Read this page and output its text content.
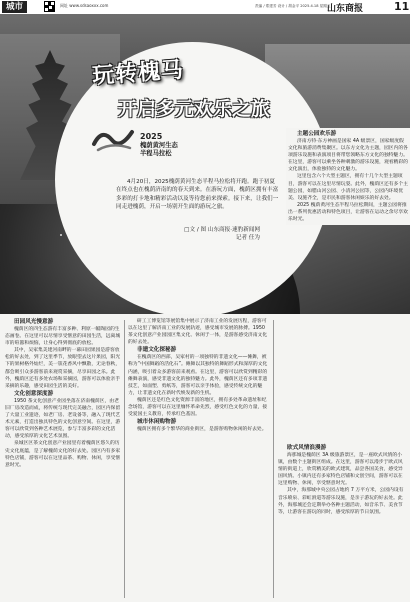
城市	网址 www.sdsaoxxx.com	责编 / 郑建芳 设计 / 胡金平 2025.4.18 星期五
山东商报	11
玩转槐马
开启多元欢乐之旅
2025
槐荫黄河生态
半程马拉松
4月20日，2025槐荫黄河生态半程马拉松将开跑。跑于初夏在终点也在槐荫济南的的春天到来。在游玩方面，槐荫区拥有丰富多彩的打卡地和精彩活动以及等待您前来探索。接下来，让我们一同走进槐荫，开启一场别开生面的游玩之旅。
□文 / 图 山东商报·速豹新闻网
记者 任为

田园风光慢意游

槐荫区的四生态游有丰富多种、利原一幅陶园的生态画卷。在这里可以尽情享受惬意的田园生活，远离城市的喧嚣和烦恼，让身心得到彻底的放松。

其中，吴家集美建河南畔的一幕田园果园是游客放松的好去处，到了这里季节，放眼望去这片果园，阳光下的果树格外灿烂，美一簇花香风中飘散，无论春秋，都会吸引众多游客前来观赏采摘，尽享田园之乐。此外，槐荫区还有多处农场和采摘园，游客可以体验亲手采摘的乐趣，感受田园生活的美好。

文化创意深度游

1950 茶文化创意产业园坐落在济南槐荫区，由老旧厂房改造而成，将传统与现代完美融合，园区内保留了大量工业遗迹，如老厂房、老设备等，融入了现代艺术元素，打造出独具特色的文化创意空间。在这里，游客可以欣赏到各种艺术展览，参与丰富多彩的文化活动，感受浓厚的文化艺术氛围。

泉城区区茶文化创意产业园里有着槐荫区悠久的历史文化底蕴，是了解槐荫文化的好去处。园区内有多家特色店铺，游客可以在这里品茶、购物、休闲，享受惬意时光。

研工工博览馆等展馆集中展示了济南工业的发展历程，游客可以在这里了解济南工业的发展轨迹，感受城市发展的脉搏。1950 茶文化创意产业园园区集文化、休闲于一体，是游客感受济南文化的好去处。

非遗文化探秘游

在槐荫区的西部，吴家村的一项独特的非遗文化——傩舞，被称为“中国舞蹈的活化石”。傩舞以其独特的舞蹈形式和深厚的文化内涵，吸引着众多游客前来观看。在这里，游客可以欣赏到精彩的傩舞表演，感受非遗文化的独特魅力。此外，槐荫区还有多项非遗技艺，如面塑、剪纸等，游客可以亲手体验，感受传统文化的魅力，让非遗文化在新时代焕发新的生机。

槐荫区还是红色文化资源丰富的地区，拥有多处革命遗址和纪念场馆，游客可以在这里缅怀革命先烈，感受红色文化的力量，接受爱国主义教育，传承红色基因。

城市休闲购物游

槐荫区拥有多个繁华的商业街区，是游客购物休闲的好去处。

主题公园欢乐游

济南方特·东方神画是国家 4A 级景区，国家级度假文化和旅游消费集聚区。以东方文化为主题，园区内的各项游乐设施和表演项目将带您领略东方文化的独特魅力。在这里，游客可以乘坐各种刺激的游乐设施，观看精彩的文化演出，体验独特的文化魅力。

这里包含六个大型主题区，拥有十几个大型主题项目，游客可以在这里尽情玩耍。此外，槐荫区还有多个主题公园，如腊山河公园、小清河公园等，公园内环境优美、设施齐全，是市民和游客休闲娱乐的好去处。

2025 槐荫黄河生态半程马拉松期间，主题公园将推出一系列优惠活动和特色项目，让游客在运动之余尽享欢乐时光。

欧式风情浪漫游

海那城是槐荫区 3A 级旅游景区，是一座欧式风情的小镇，由数个主题街区组成。在这里，游客可以漫步于欧式风情的街道上，欣赏精美的欧式建筑，品尝各国美食，感受异国风情。小镇内还有多家特色店铺和文创空间，游客可以在这里购物、休闲，享受惬意时光。

其中，海那城中央公园占地约 7 万平方米，公园内设有音乐喷泉、彩虹滑道等游乐设施，是亲子游玩的好去处。此外，海那城还会定期举办各种主题活动，如音乐节、美食节等，让游客在游玩的同时，感受浓厚的节日氛围。
